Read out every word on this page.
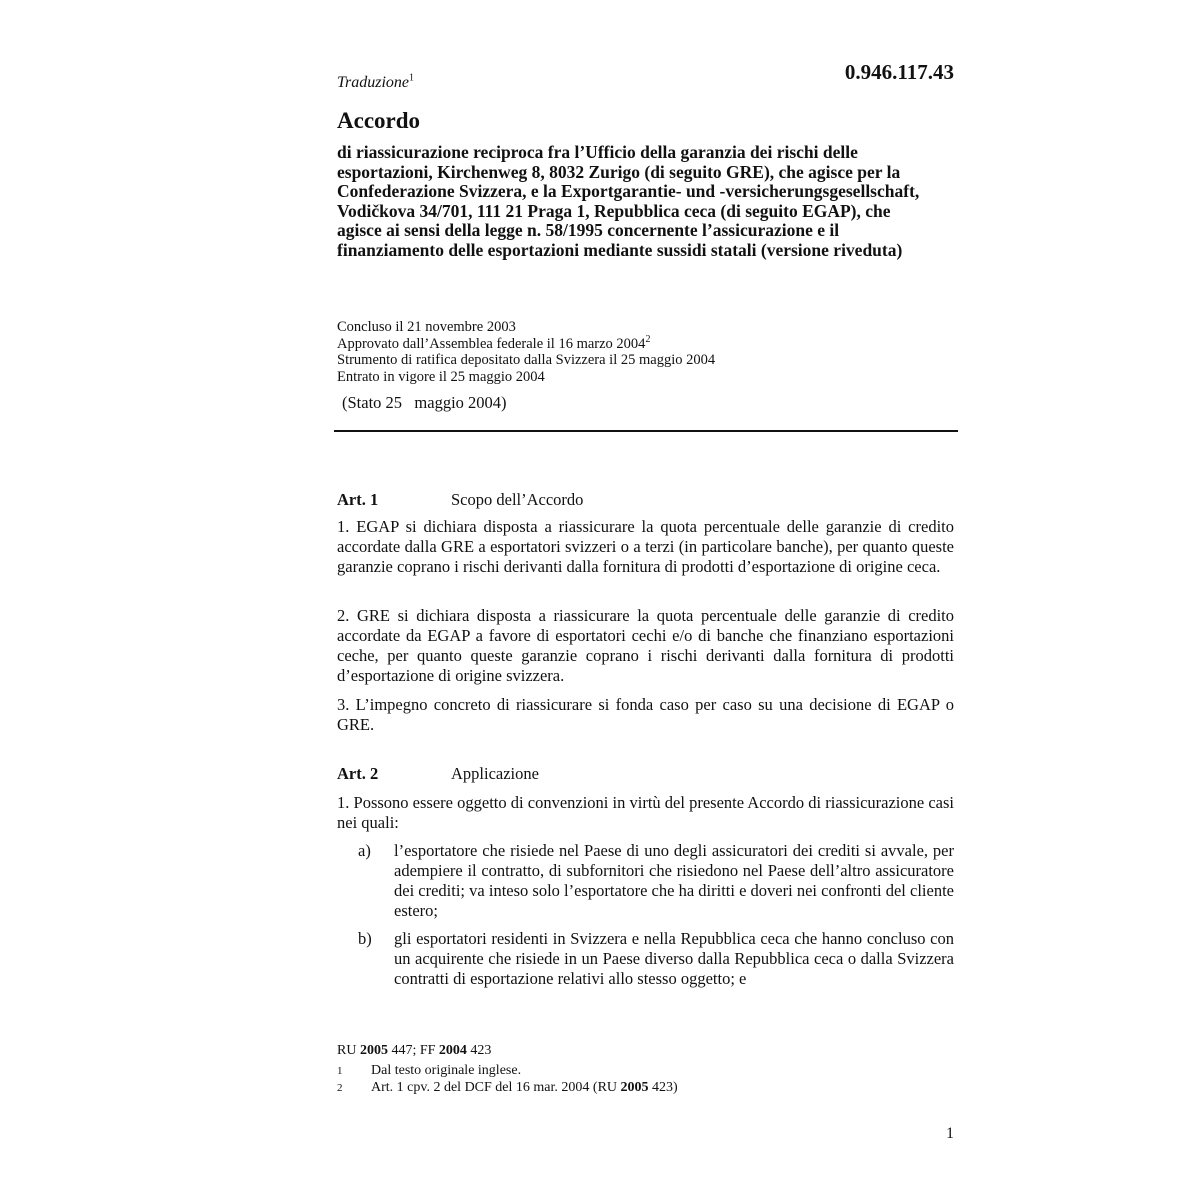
0.946.117.43
Traduzione$^1$
Accordo
di riassicurazione reciproca fra l’Ufficio della garanzia dei rischi delle esportazioni, Kirchenweg 8, 8032 Zurigo (di seguito GRE), che agisce per la Confederazione Svizzera, e la Exportgarantie- und -versicherungsgesellschaft, Vodičkova 34/701, 111 21 Praga 1, Repubblica ceca (di seguito EGAP), che agisce ai sensi della legge n. 58/1995 concernente l’assicurazione e il finanziamento delle esportazioni mediante sussidi statali (versione riveduta)
Concluso il 21 novembre 2003
Approvato dall’Assemblea federale il 16 marzo 2004$^2$
Strumento di ratifica depositato dalla Svizzera il 25 maggio 2004
Entrato in vigore il 25 maggio 2004
(Stato 25   maggio 2004)
Art. 1	Scopo dell’Accordo
1. EGAP si dichiara disposta a riassicurare la quota percentuale delle garanzie di credito accordate dalla GRE a esportatori svizzeri o a terzi (in particolare banche), per quanto queste garanzie coprano i rischi derivanti dalla fornitura di prodotti d’esportazione di origine ceca.
2. GRE si dichiara disposta a riassicurare la quota percentuale delle garanzie di credito accordate da EGAP a favore di esportatori cechi e/o di banche che finanziano esportazioni ceche, per quanto queste garanzie coprano i rischi derivanti dalla fornitura di prodotti d’esportazione di origine svizzera.
3. L’impegno concreto di riassicurare si fonda caso per caso su una decisione di EGAP o GRE.
Art. 2	Applicazione
1. Possono essere oggetto di convenzioni in virtù del presente Accordo di riassicurazione casi nei quali:
a) l’esportatore che risiede nel Paese di uno degli assicuratori dei crediti si avvale, per adempiere il contratto, di subfornitori che risiedono nel Paese dell’altro assicuratore dei crediti; va inteso solo l’esportatore che ha diritti e doveri nei confronti del cliente estero;
b) gli esportatori residenti in Svizzera e nella Repubblica ceca che hanno concluso con un acquirente che risiede in un Paese diverso dalla Repubblica ceca o dalla Svizzera contratti di esportazione relativi allo stesso oggetto; e
RU 2005 447; FF 2004 423
1 Dal testo originale inglese.
2 Art. 1 cpv. 2 del DCF del 16 mar. 2004 (RU 2005 423)
1
